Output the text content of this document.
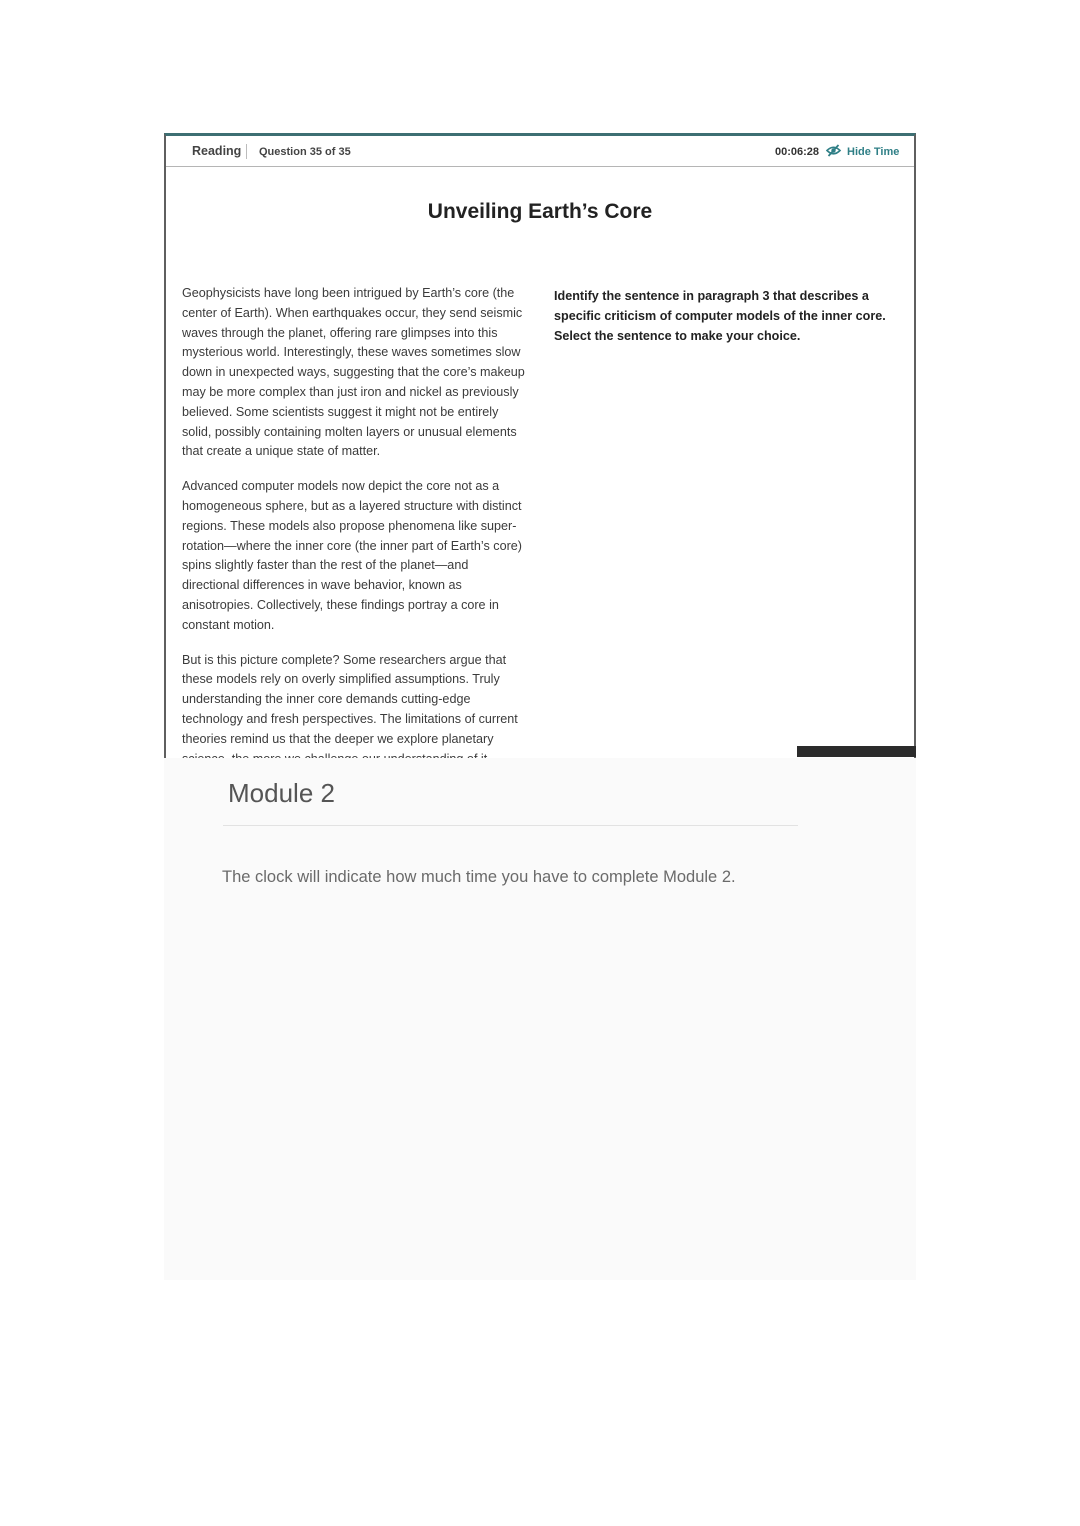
Reading Question 35 of 35	00:06:28	Hide Time
Unveiling Earth’s Core

Geophysicists have long been intrigued by Earth’s core (the center of Earth). When earthquakes occur, they send seismic waves through the planet, offering rare glimpses into this mysterious world. Interestingly, these waves sometimes slow down in unexpected ways, suggesting that the core’s makeup may be more complex than just iron and nickel as previously believed. Some scientists suggest it might not be entirely solid, possibly containing molten layers or unusual elements that create a unique state of matter.

Advanced computer models now depict the core not as a homogeneous sphere, but as a layered structure with distinct regions. These models also propose phenomena like super-rotation—where the inner core (the inner part of Earth’s core) spins slightly faster than the rest of the planet—and directional differences in wave behavior, known as anisotropies. Collectively, these findings portray a core in constant motion.

But is this picture complete? Some researchers argue that these models rely on overly simplified assumptions. Truly understanding the inner core demands cutting-edge technology and fresh perspectives. The limitations of current theories remind us that the deeper we explore planetary

Identify the sentence in paragraph 3 that describes a specific criticism of computer models of the inner core. Select the sentence to make your choice.
Module 2
The clock will indicate how much time you have to complete Module 2.
